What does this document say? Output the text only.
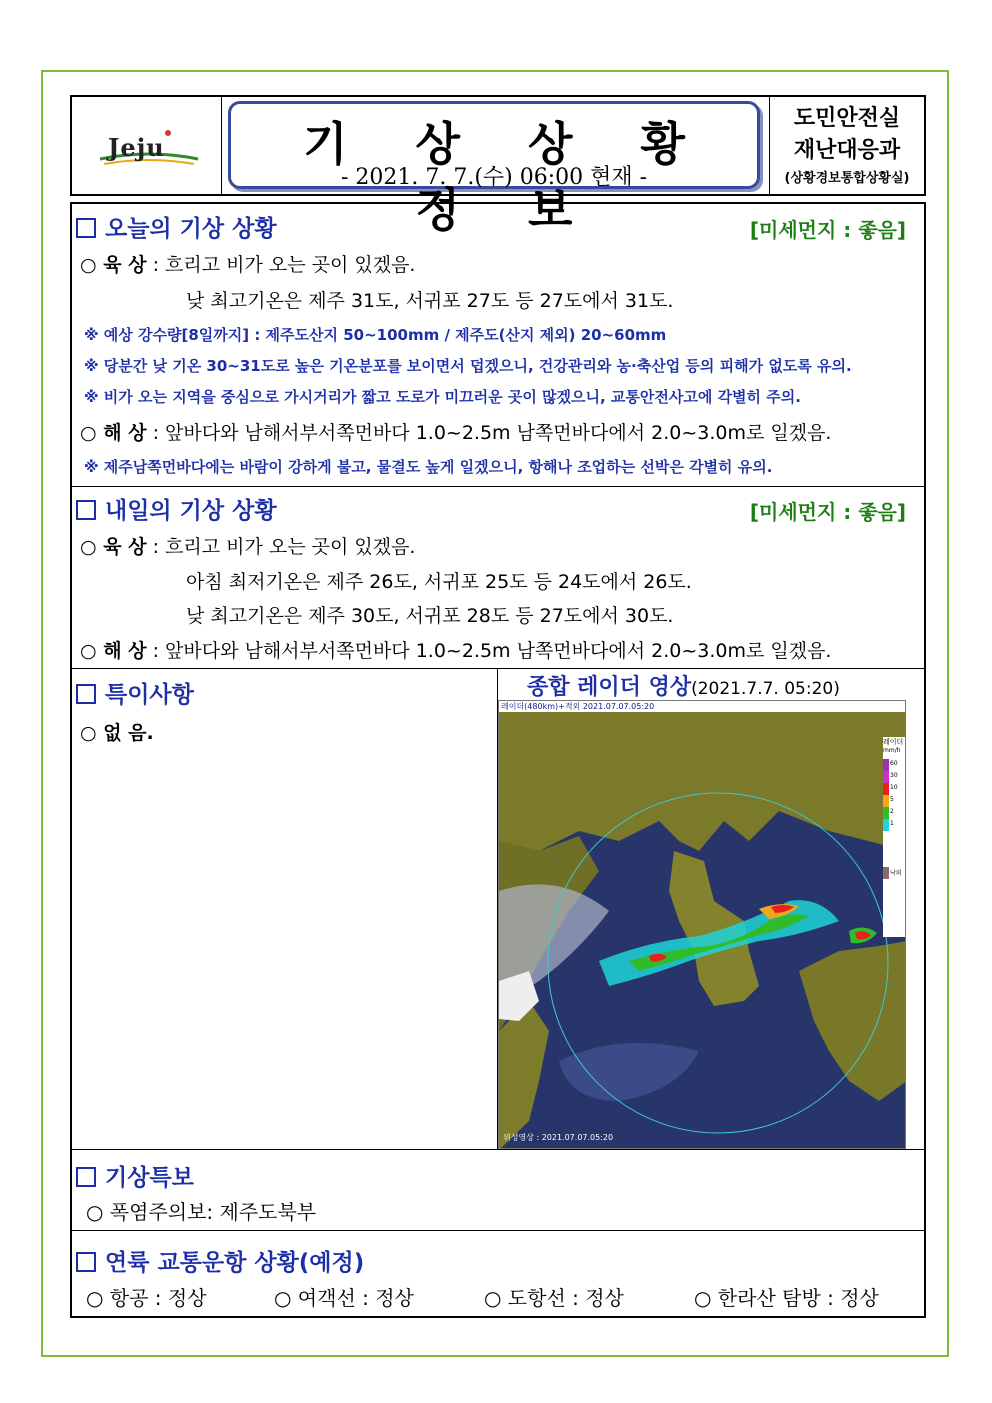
Jeju	기 상 상 황 정 보
- 2021. 7. 7.(수) 06:00 현재 -
도민안전실
재난대응과
(상황경보통합상황실)
오늘의 기상 상황	[미세먼지 : 좋음]
○ 육 상 : 흐리고 비가 오는 곳이 있겠음.
낮 최고기온은 제주 31도, 서귀포 27도 등 27도에서 31도.
※ 예상 강수량[8일까지] : 제주도산지 50~100mm / 제주도(산지 제외) 20~60mm
※ 당분간 낮 기온 30~31도로 높은 기온분포를 보이면서 덥겠으니, 건강관리와 농·축산업 등의 피해가 없도록 유의.
※ 비가 오는 지역을 중심으로 가시거리가 짧고 도로가 미끄러운 곳이 많겠으니, 교통안전사고에 각별히 주의.
○ 해 상 : 앞바다와 남해서부서쪽먼바다 1.0~2.5m 남쪽먼바다에서 2.0~3.0m로 일겠음.
※ 제주남쪽먼바다에는 바람이 강하게 불고, 물결도 높게 일겠으니, 항해나 조업하는 선박은 각별히 유의.
내일의 기상 상황	[미세먼지 : 좋음]
○ 육 상 : 흐리고 비가 오는 곳이 있겠음.
아침 최저기온은 제주 26도, 서귀포 25도 등 24도에서 26도.
낮 최고기온은 제주 30도, 서귀포 28도 등 27도에서 30도.
○ 해 상 : 앞바다와 남해서부서쪽먼바다 1.0~2.5m 남쪽먼바다에서 2.0~3.0m로 일겠음.
특이사항
○ 없 음.
종합 레이더 영상(2021.7.7. 05:20)
레이더(480km)+적외 2021.07.07.05:20
위성영상 : 2021.07.07.05:20
레이더
mm/h
60
30
10
5
2
1
낙뢰
기상특보
○ 폭염주의보: 제주도북부
연륙 교통운항 상황(예정)
○ 항공 : 정상	○ 여객선 : 정상	○ 도항선 : 정상	○ 한라산 탐방 : 정상
